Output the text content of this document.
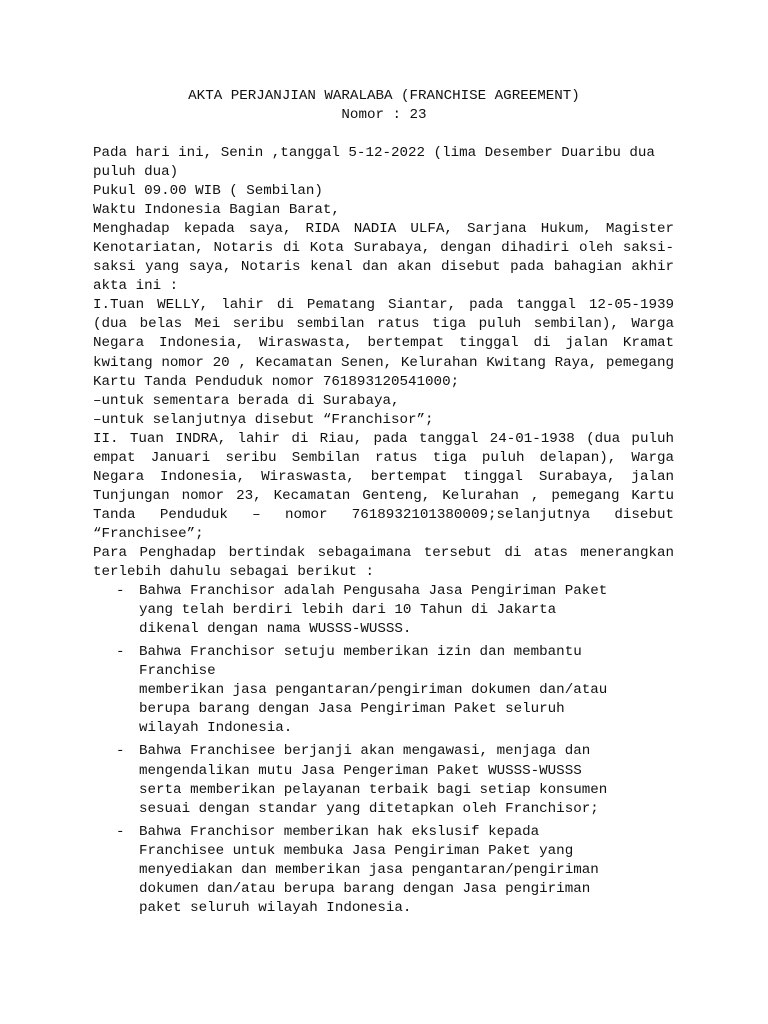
AKTA PERJANJIAN WARALABA (FRANCHISE AGREEMENT)
Nomor : 23

Pada hari ini, Senin ,tanggal 5-12-2022 (lima Desember Duaribu dua puluh dua)

Pukul 09.00 WIB ( Sembilan)

Waktu Indonesia Bagian Barat,

Menghadap kepada saya, RIDA NADIA ULFA, Sarjana Hukum, Magister Kenotariatan, Notaris di Kota Surabaya, dengan dihadiri oleh saksi-saksi yang saya, Notaris kenal dan akan disebut pada bahagian akhir akta ini :

I.Tuan WELLY, lahir di Pematang Siantar, pada tanggal 12-05-1939 (dua belas Mei seribu sembilan ratus tiga puluh sembilan), Warga Negara Indonesia, Wiraswasta, bertempat tinggal di jalan Kramat kwitang nomor 20 , Kecamatan Senen, Kelurahan Kwitang Raya, pemegang Kartu Tanda Penduduk nomor 761893120541000;

–untuk sementara berada di Surabaya,

–untuk selanjutnya disebut “Franchisor”;

II. Tuan INDRA, lahir di Riau, pada tanggal 24-01-1938 (dua puluh empat Januari seribu Sembilan ratus tiga puluh delapan), Warga Negara Indonesia, Wiraswasta, bertempat tinggal Surabaya, jalan Tunjungan nomor 23, Kecamatan Genteng, Kelurahan , pemegang Kartu Tanda Penduduk – nomor 7618932101380009;selanjutnya disebut “Franchisee”;

Para Penghadap bertindak sebagaimana tersebut di atas menerangkan terlebih dahulu sebagai berikut :

- Bahwa Franchisor adalah Pengusaha Jasa Pengiriman Paket
yang telah berdiri lebih dari 10 Tahun di Jakarta
dikenal dengan nama WUSSS-WUSSS.
- Bahwa Franchisor setuju memberikan izin dan membantu
Franchise
memberikan jasa pengantaran/pengiriman dokumen dan/atau
berupa barang dengan Jasa Pengiriman Paket seluruh
wilayah Indonesia.
- Bahwa Franchisee berjanji akan mengawasi, menjaga dan
mengendalikan mutu Jasa Pengeriman Paket WUSSS-WUSSS
serta memberikan pelayanan terbaik bagi setiap konsumen
sesuai dengan standar yang ditetapkan oleh Franchisor;
- Bahwa Franchisor memberikan hak ekslusif kepada
Franchisee untuk membuka Jasa Pengiriman Paket yang
menyediakan dan memberikan jasa pengantaran/pengiriman
dokumen dan/atau berupa barang dengan Jasa pengiriman
paket seluruh wilayah Indonesia.
